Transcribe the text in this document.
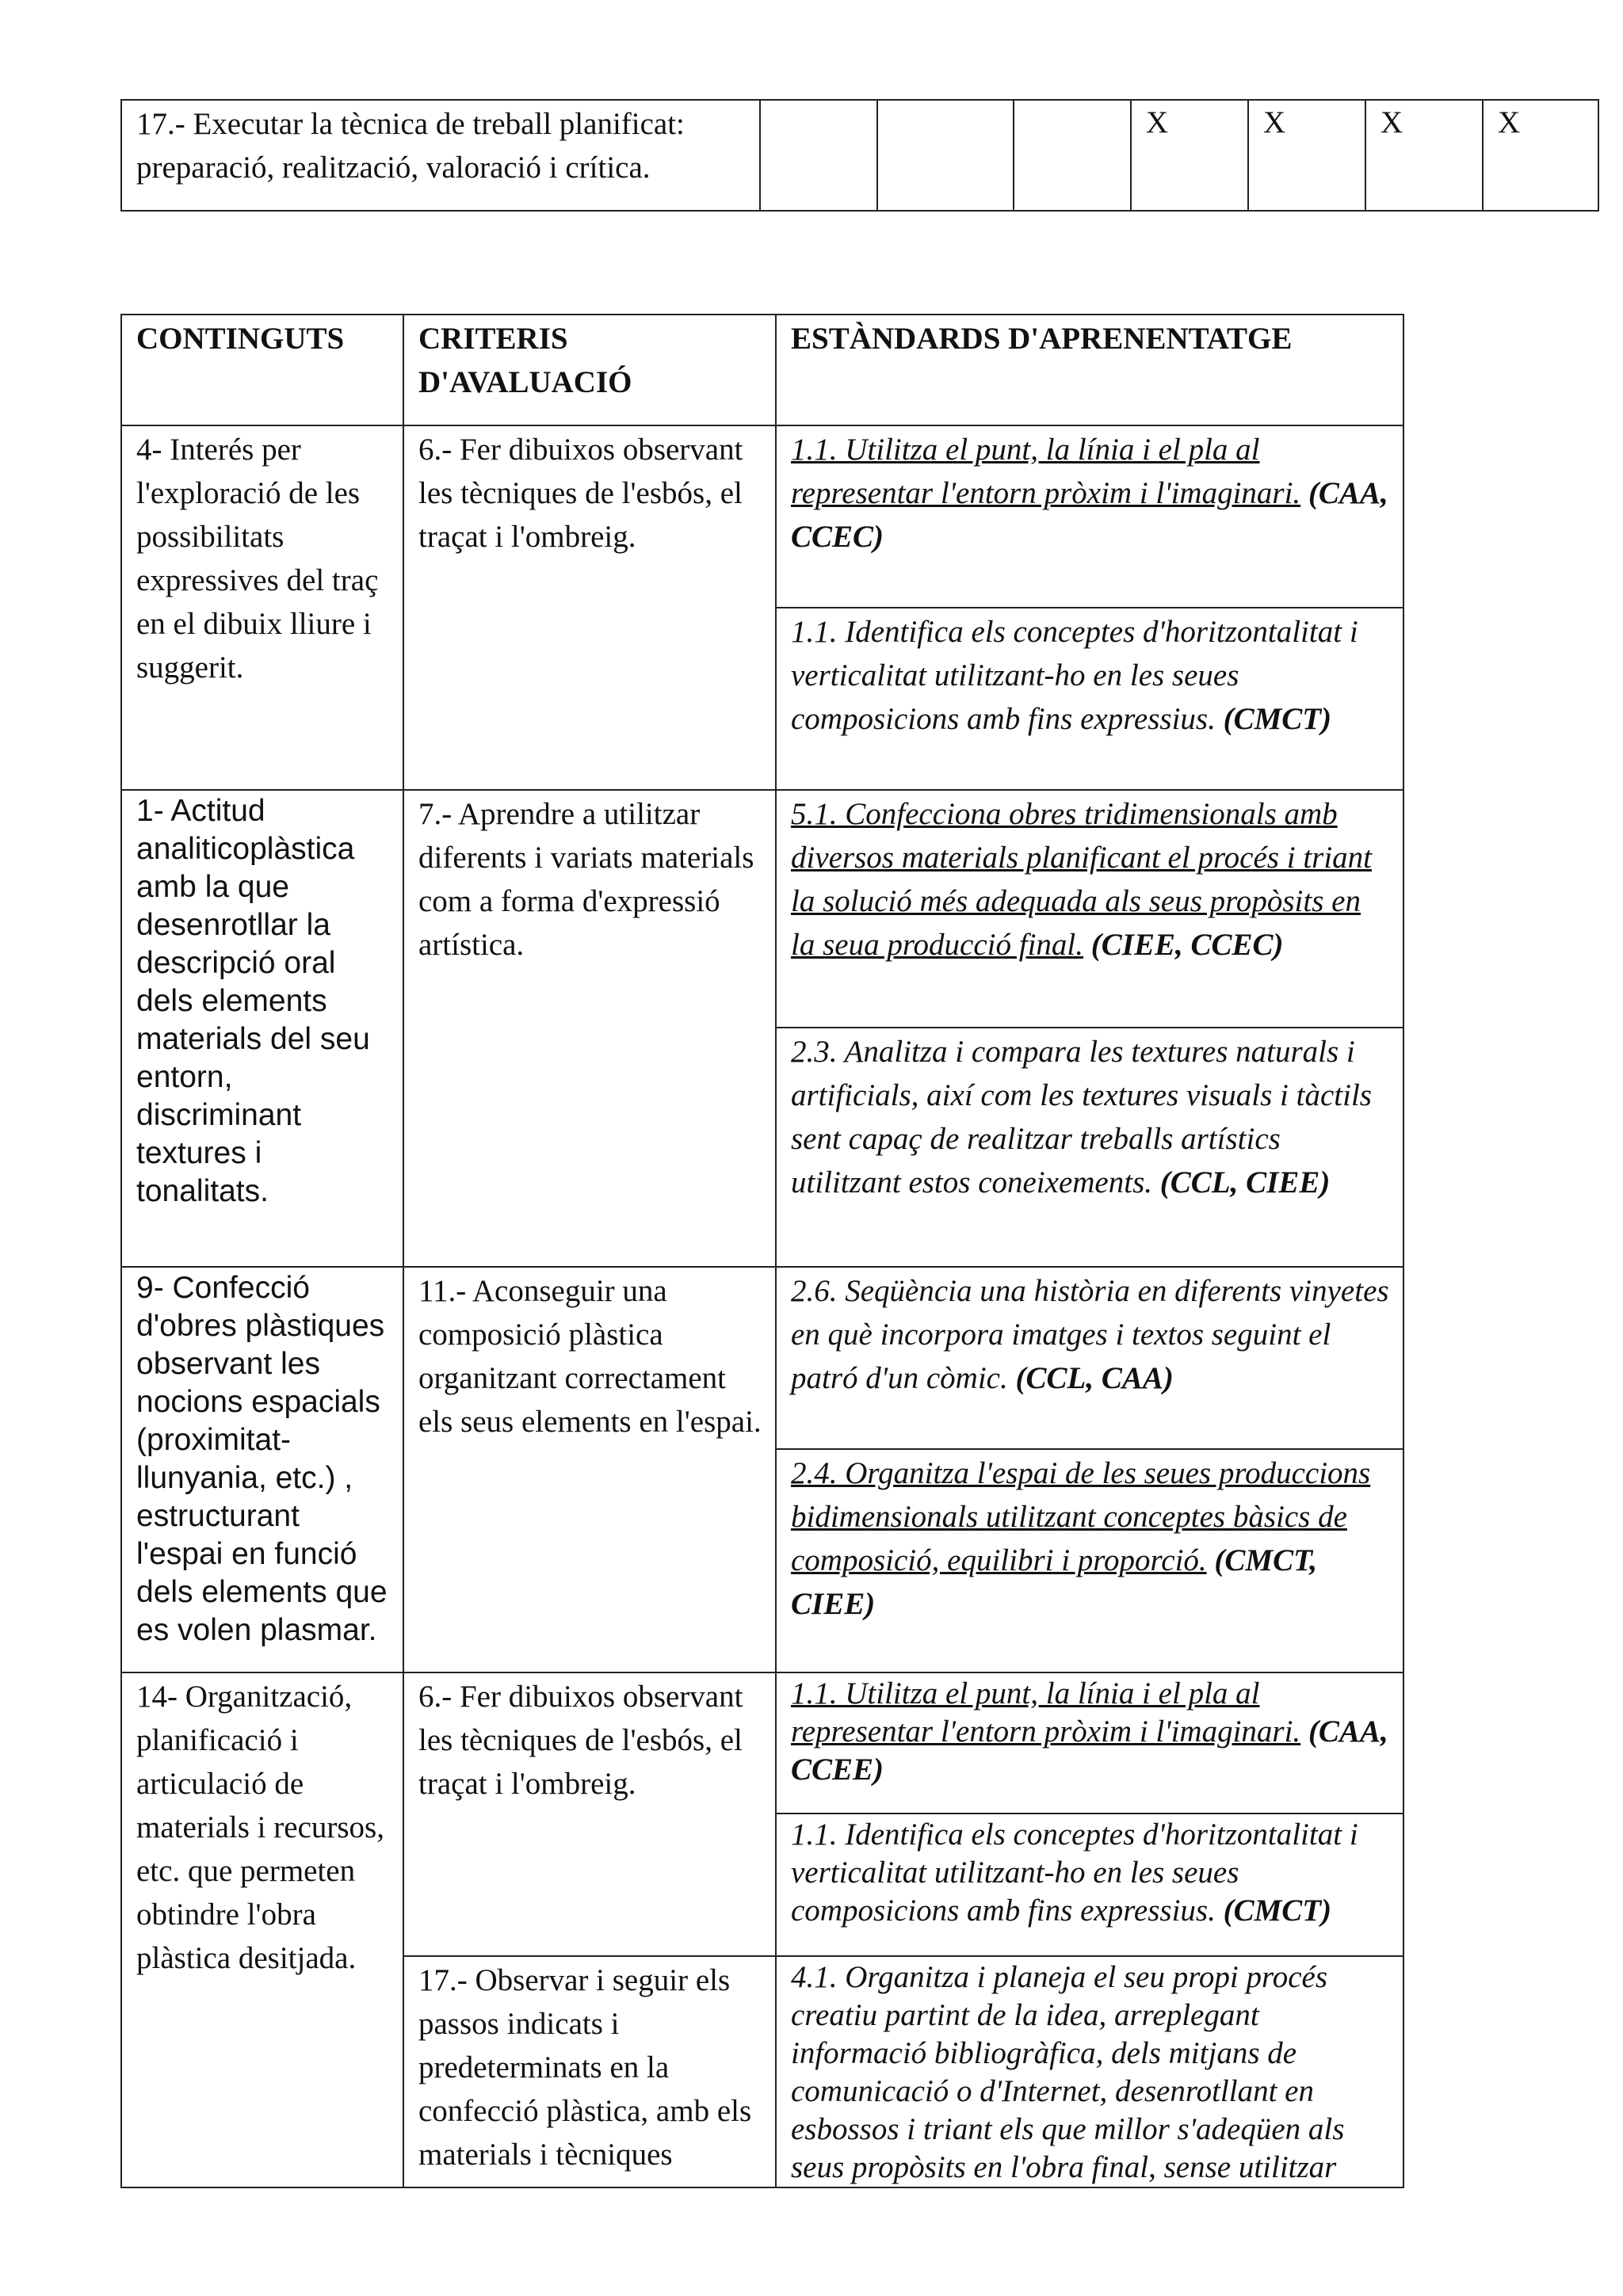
17.- Executar la tècnica de treball planificat: preparació, realització, valoració i crítica.				X	X	X	X
CONTINGUTS	CRITERIS D'AVALUACIÓ	ESTÀNDARDS D'APRENENTATGE
4- Interés per l'exploració de les possibilitats expressives del traç en el dibuix lliure i suggerit.	6.- Fer dibuixos observant les tècniques de l'esbós, el traçat i l'ombreig.	1.1. Utilitza el punt, la línia i el pla al representar l'entorn pròxim i l'imaginari. (CAA, CCEC)
		1.1. Identifica els conceptes d'horitzontalitat i verticalitat utilitzant-ho en les seues composicions amb fins expressius. (CMCT)
1- Actitud analiticoplàstica amb la que desenrotllar la descripció oral dels elements materials del seu entorn, discriminant textures i tonalitats.	7.- Aprendre a utilitzar diferents i variats materials com a forma d'expressió artística.	5.1. Confecciona obres tridimensionals amb diversos materials planificant el procés i triant la solució més adequada als seus propòsits en la seua producció final. (CIEE, CCEC)
		2.3. Analitza i compara les textures naturals i artificials, així com les textures visuals i tàctils sent capaç de realitzar treballs artístics utilitzant estos coneixements. (CCL, CIEE)
9- Confecció d'obres plàstiques observant les nocions espacials (proximitat-llunyania, etc.) , estructurant l'espai en funció dels elements que es volen plasmar.	11.- Aconseguir una composició plàstica organitzant correctament els seus elements en l'espai.	2.6. Seqüència una història en diferents vinyetes en què incorpora imatges i textos seguint el patró d'un còmic. (CCL, CAA)
		2.4. Organitza l'espai de les seues produccions bidimensionals utilitzant conceptes bàsics de composició, equilibri i proporció. (CMCT, CIEE)
14- Organització, planificació i articulació de materials i recursos, etc. que permeten obtindre l'obra plàstica desitjada.	6.- Fer dibuixos observant les tècniques de l'esbós, el traçat i l'ombreig.	1.1. Utilitza el punt, la línia i el pla al representar l'entorn pròxim i l'imaginari. (CAA, CCEE)
		1.1. Identifica els conceptes d'horitzontalitat i verticalitat utilitzant-ho en les seues composicions amb fins expressius. (CMCT)
	17.- Observar i seguir els passos indicats i predeterminats en la confecció plàstica, amb els materials i tècniques	4.1. Organitza i planeja el seu propi procés creatiu partint de la idea, arreplegant informació bibliogràfica, dels mitjans de comunicació o d'Internet, desenrotllant en esbossos i triant els que millor s'adeqüen als seus propòsits en l'obra final, sense utilitzar
